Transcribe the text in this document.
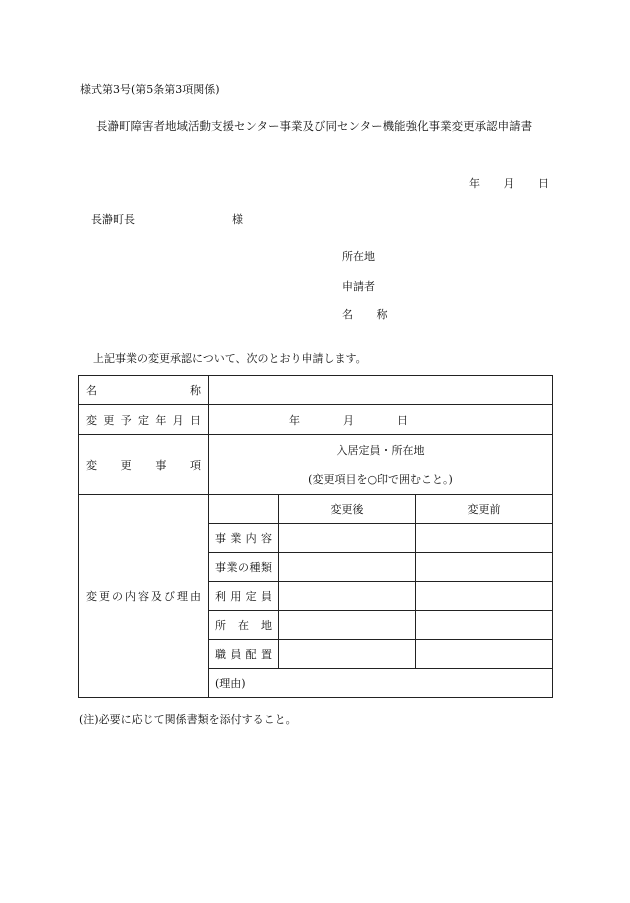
様式第3号(第5条第3項関係)
長瀞町障害者地域活動支援センター事業及び同センター機能強化事業変更承認申請書
年 月 日
長瀞町長	様
所在地
申請者
名 称
上記事業の変更承認について、次のとおり申請します。
名 称			
変更予定年月日	年 月 日		
変 更 事 項	入居定員・所在地
(変更項目を○印で囲むこと。)		

変更の内容及び理由		変更後	変更前
	事業内容		
	事業の種類		
	利用定員		
	所 在 地		
	職員配置		
	(理由)		
(注)必要に応じて関係書類を添付すること。
